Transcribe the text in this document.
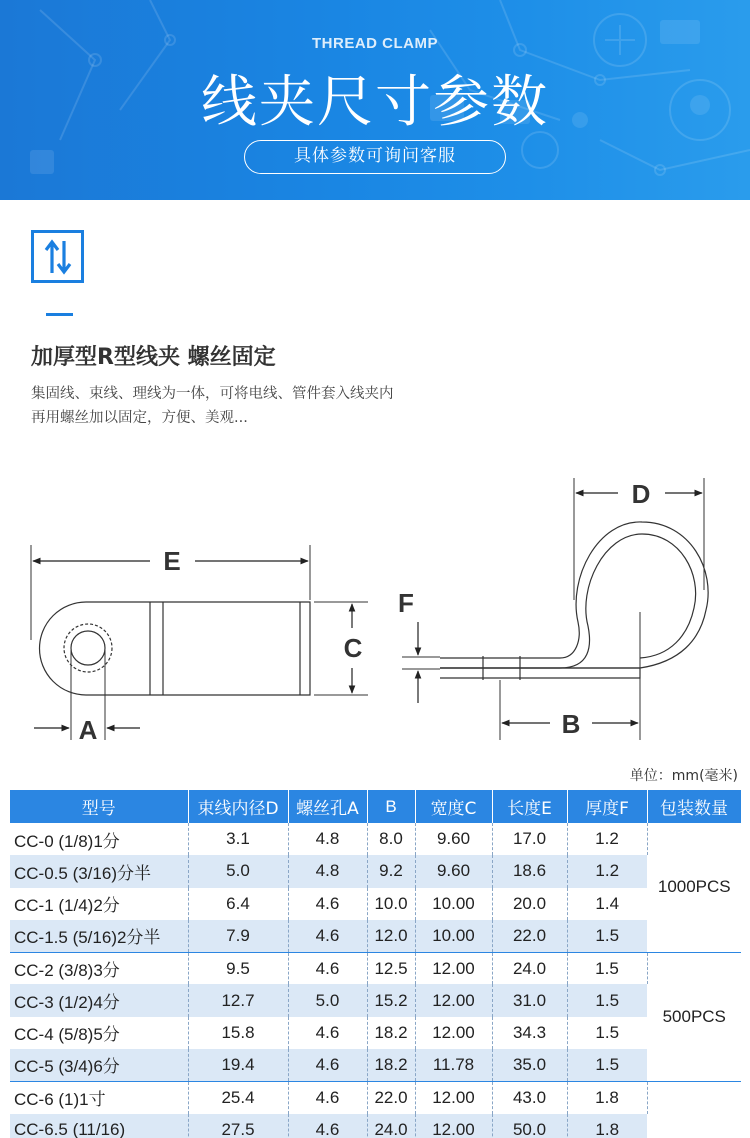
THREAD CLAMP
线夹尺寸参数
具体参数可询问客服
加厚型R型线夹 螺丝固定
集固线、束线、理线为一体，可将电线、管件套入线夹内
再用螺丝加以固定，方便、美观...
E
C
A
D
B
F
单位：mm(毫米)
型号	束线内径D	螺丝孔A	B	宽度C	长度E	厚度F	包装数量
CC-0 (1/8)1分	3.1	4.8	8.0	9.60	17.0	1.2	1000PCS
CC-0.5 (3/16)分半	5.0	4.8	9.2	9.60	18.6	1.2	
CC-1 (1/4)2分	6.4	4.6	10.0	10.00	20.0	1.4	
CC-1.5 (5/16)2分半	7.9	4.6	12.0	10.00	22.0	1.5	
CC-2 (3/8)3分	9.5	4.6	12.5	12.00	24.0	1.5	500PCS
CC-3 (1/2)4分	12.7	5.0	15.2	12.00	31.0	1.5	
CC-4 (5/8)5分	15.8	4.6	18.2	12.00	34.3	1.5	
CC-5 (3/4)6分	19.4	4.6	18.2	11.78	35.0	1.5	
CC-6 (1)1寸	25.4	4.6	22.0	12.00	43.0	1.8	
CC-6.5 (11/16)	27.5	4.6	24.0	12.00	50.0	1.8	
